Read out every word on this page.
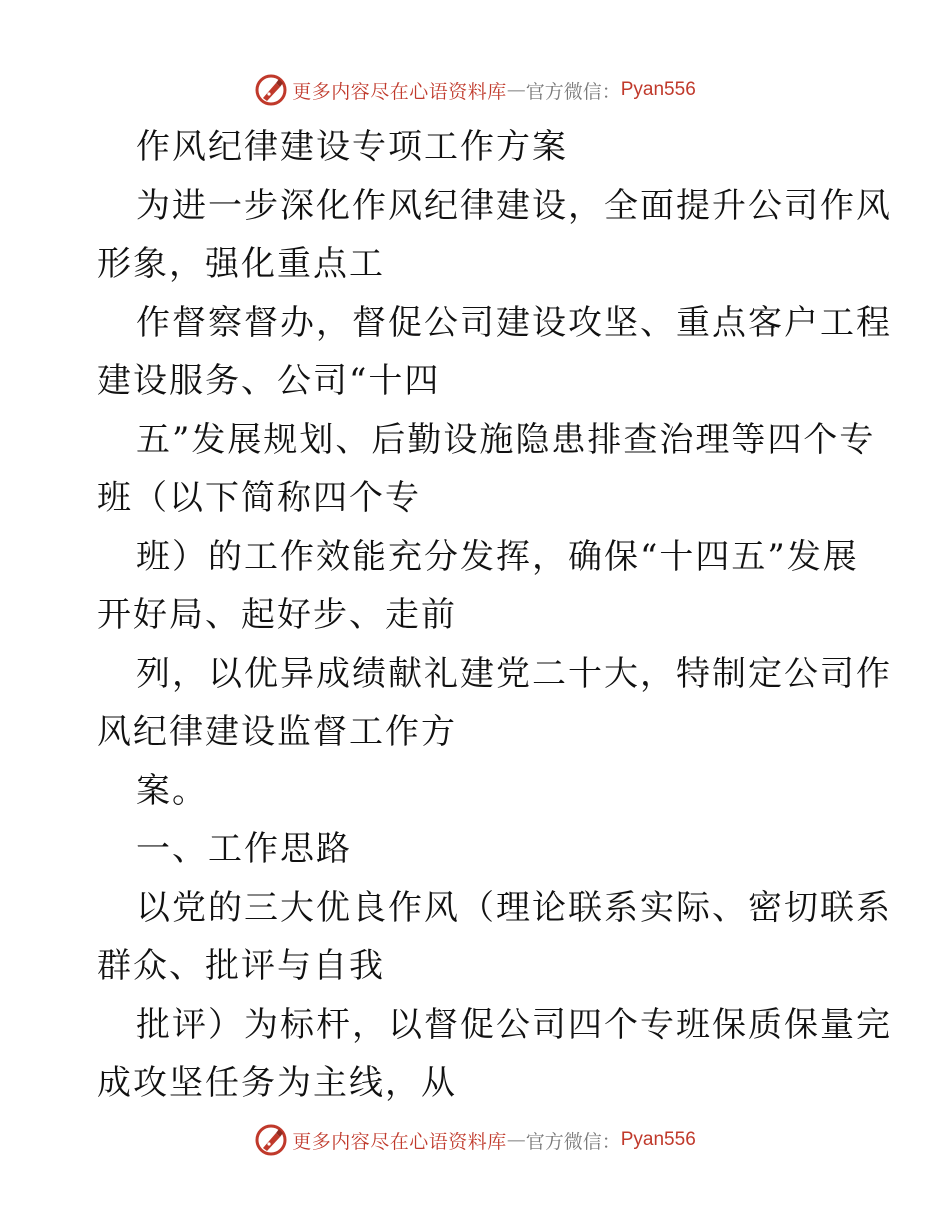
更多内容尽在心语资料库 — 官方微信： Pyan556
作风纪律建设专项工作方案
为进一步深化作风纪律建设，全面提升公司作风
形象，强化重点工
作督察督办，督促公司建设攻坚、重点客户工程
建设服务、公司“十四
五”发展规划、后勤设施隐患排查治理等四个专
班（以下简称四个专
班）的工作效能充分发挥，确保“十四五”发展
开好局、起好步、走前
列，以优异成绩献礼建党二十大，特制定公司作
风纪律建设监督工作方
案。
一、工作思路
以党的三大优良作风（理论联系实际、密切联系
群众、批评与自我
批评）为标杆，以督促公司四个专班保质保量完
成攻坚任务为主线，从
更多内容尽在心语资料库 — 官方微信： Pyan556
